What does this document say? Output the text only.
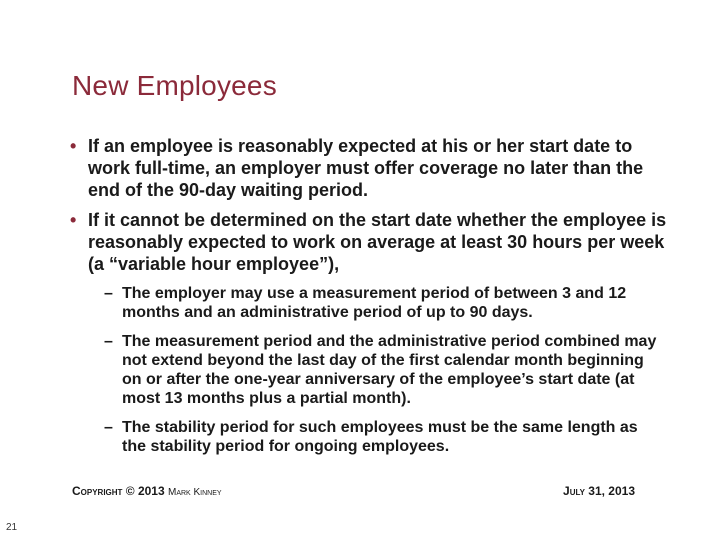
New Employees
• If an employee is reasonably expected at his or her start date to work full-time, an employer must offer coverage no later than the end of the 90-day waiting period.
• If it cannot be determined on the start date whether the employee is reasonably expected to work on average at least 30 hours per week (a “variable hour employee”),
– The employer may use a measurement period of between 3 and 12 months and an administrative period of up to 90 days.
– The measurement period and the administrative period combined may not extend beyond the last day of the first calendar month beginning on or after the one-year anniversary of the employee’s start date (at most 13 months plus a partial month).
– The stability period for such employees must be the same length as the stability period for ongoing employees.
Copyright © 2013 Mark Kinney	July 31, 2013
21
